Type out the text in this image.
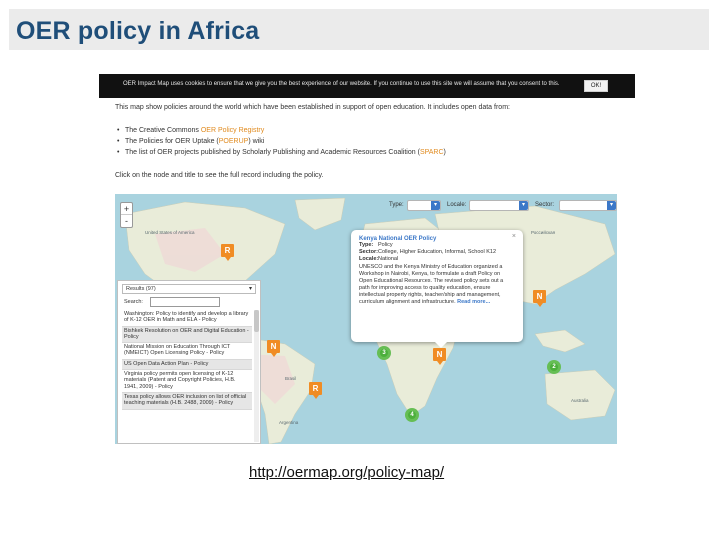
OER policy in Africa
OER Impact Map uses cookies to ensure that we give you the best experience of our website. If you continue to use this site we will assume that you consent to this.	OK!
This map show policies around the world which have been established in support of open education. It includes open data from:
• The Creative Commons OER Policy Registry
• The Policies for OER Uptake (POERUP) wiki
• The list of OER projects published by Scholarly Publishing and Academic Resources Coalition (SPARC)
Click on the node and title to see the full record including the policy.
United States of America
Brasil
Argentina
Australia
Российская
+
-
Type:	▾	Locale:	▾	Sector:	▾
R
N
R
N
N
3
2
4
×
Kenya National OER Policy
Type: Policy
Sector:College, Higher Education, Informal, School K12
Locale:National
UNESCO and the Kenya Ministry of Education organized a Workshop in Nairobi, Kenya, to formulate a draft Policy on Open Educational Resources. The revised policy sets out a path for improving access to quality education, ensure intellectual property rights, teacher/ship and management, curriculum alignment and infrastructure. Read more...
Results (97)	▾
Search:
Washington: Policy to identify and develop a library of K-12 OER in Math and ELA - Policy
Bishkek Resolution on OER and Digital Education - Policy
National Mission on Education Through ICT (NMEICT) Open Licensing Policy - Policy
US Open Data Action Plan - Policy
Virginia policy permits open licensing of K-12 materials (Patent and Copyright Policies, H.B. 1941, 2009) - Policy
Texas policy allows OER inclusion on list of official teaching materials (H.B. 2488, 2009) - Policy
http://oermap.org/policy-map/
